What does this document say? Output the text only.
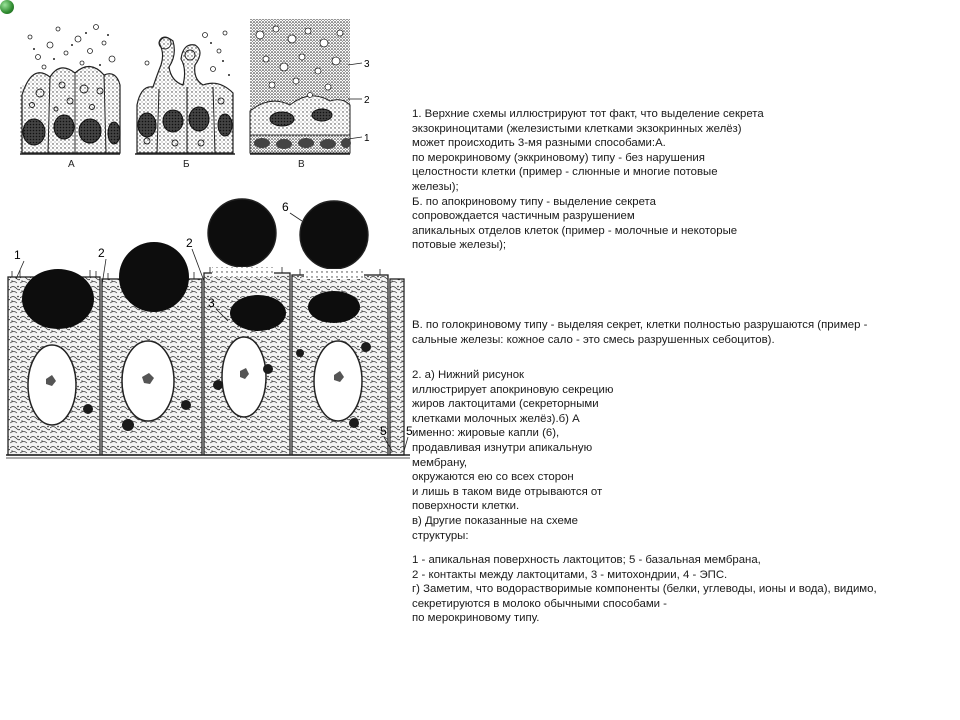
3
2
1
А	Б	В
1	2
2
3
6
5 5
1. Верхние схемы иллюстрируют тот факт, что выделение секрета
экзокриноцитами (железистыми клетками экзокринных желёз)
может происходить 3-мя разными способами:А.
по мерокриновому (эккриновому) типу - без нарушения
целостности клетки (пример - слюнные и многие потовые
железы);
Б. по апокриновому типу - выделение секрета
сопровождается частичным разрушением
апикальных отделов клеток (пример - молочные и некоторые
потовые железы);
В. по голокриновому типу - выделяя секрет, клетки полностью разрушаются (пример -
сальные железы: кожное сало - это смесь разрушенных себоцитов).
2. а) Нижний рисунок
иллюстрирует апокриновую секрецию
жиров лактоцитами (секреторными
клетками молочных желёз).б) А
именно: жировые капли (6),
продавливая изнутри апикальную
мембрану,
окружаются ею со всех сторон
и лишь в таком виде отрываются от
поверхности клетки.
в) Другие показанные на схеме
структуры:
1 - апикальная поверхность лактоцитов; 5 - базальная мембрана,
2 - контакты между лактоцитами, 3 - митохондрии, 4 - ЭПС.
г) Заметим, что водорастворимые компоненты (белки, углеводы, ионы и вода), видимо,
секретируются в молоко обычными способами -
по мерокриновому типу.
